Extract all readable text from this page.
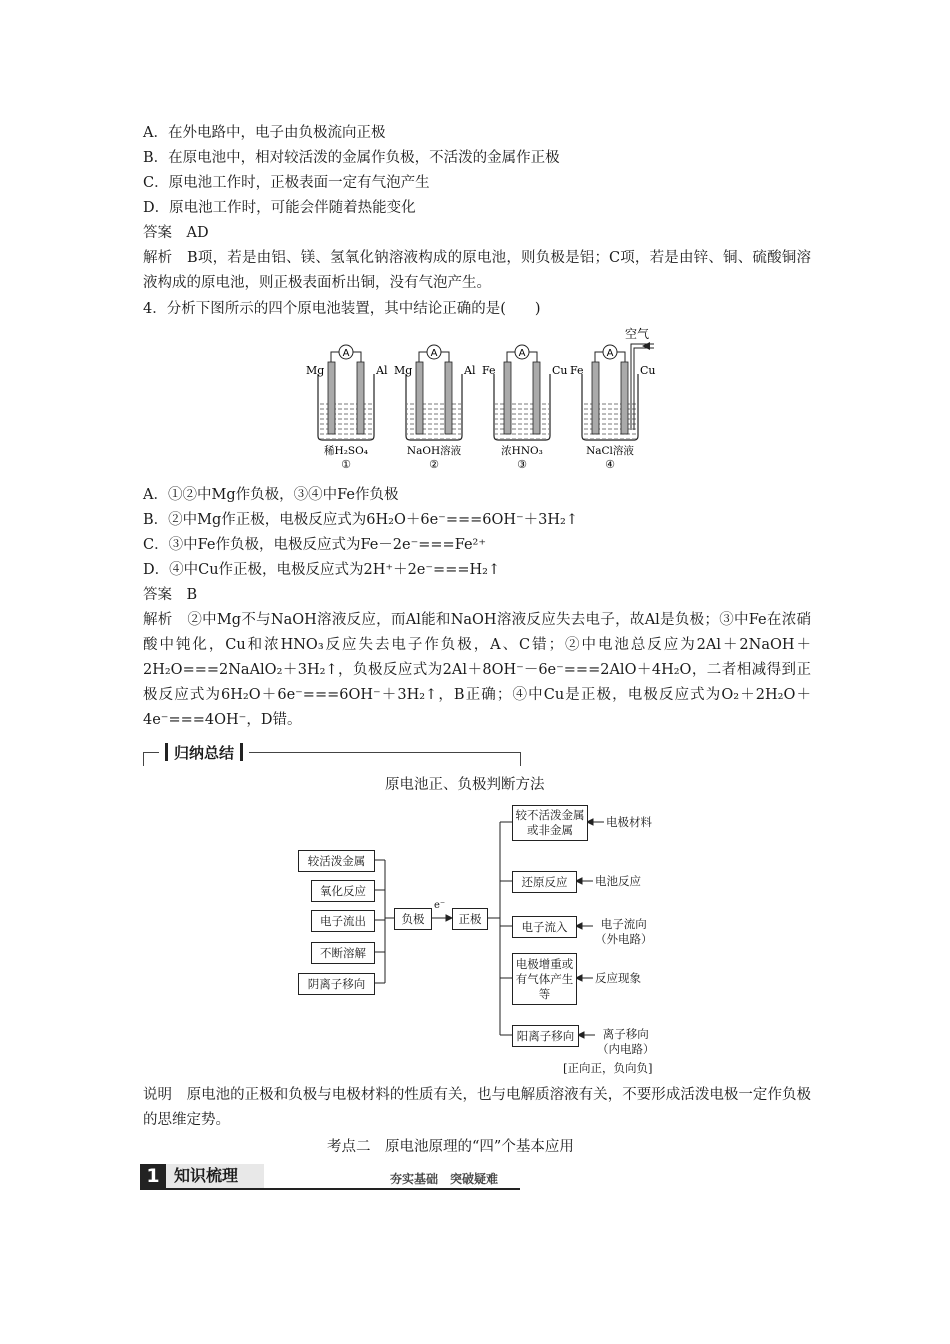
A．在外电路中，电子由负极流向正极
B．在原电池中，相对较活泼的金属作负极，不活泼的金属作正极
C．原电池工作时，正极表面一定有气泡产生
D．原电池工作时，可能会伴随着热能变化
答案　AD
解析　B项，若是由铝、镁、氢氧化钠溶液构成的原电池，则负极是铝；C项，若是由锌、铜、硫酸铜溶液构成的原电池，则正极表面析出铜，没有气泡产生。
4．分析下图所示的四个原电池装置，其中结论正确的是(　　)
A
Mg	Al
稀H₂SO₄
①
A
Mg	Al
NaOH溶液
②
A
Fe	Cu
浓HNO₃
③
A
Fe	Cu
NaCl溶液
④
空气
A．①②中Mg作负极，③④中Fe作负极
B．②中Mg作正极，电极反应式为6H₂O＋6e⁻===6OH⁻＋3H₂↑
C．③中Fe作负极，电极反应式为Fe－2e⁻===Fe²⁺
D．④中Cu作正极，电极反应式为2H⁺＋2e⁻===H₂↑
答案　B
解析　②中Mg不与NaOH溶液反应，而Al能和NaOH溶液反应失去电子，故Al是负极；③中Fe在浓硝酸中钝化，Cu和浓HNO₃反应失去电子作负极，A、C错；②中电池总反应为2Al＋2NaOH＋2H₂O===2NaAlO₂＋3H₂↑，负极反应式为2Al＋8OH⁻－6e⁻===2AlO＋4H₂O，二者相减得到正极反应式为6H₂O＋6e⁻===6OH⁻＋3H₂↑，B正确；④中Cu是正极，电极反应式为O₂＋2H₂O＋4e⁻===4OH⁻，D错。
归纳总结
原电池正、负极判断方法
较活泼金属
氧化反应
电子流出
不断溶解
阴离子移向
负极
e⁻
正极
较不活泼金属或非金属
还原反应
电子流入
电极增重或有气体产生等
阳离子移向
电极材料
电池反应
电子流向
（外电路）
反应现象
离子移向
（内电路）
[正向正，负向负]
说明　原电池的正极和负极与电极材料的性质有关，也与电解质溶液有关，不要形成活泼电极一定作负极的思维定势。
考点二　原电池原理的“四”个基本应用
1 知识梳理	夯实基础　突破疑难
